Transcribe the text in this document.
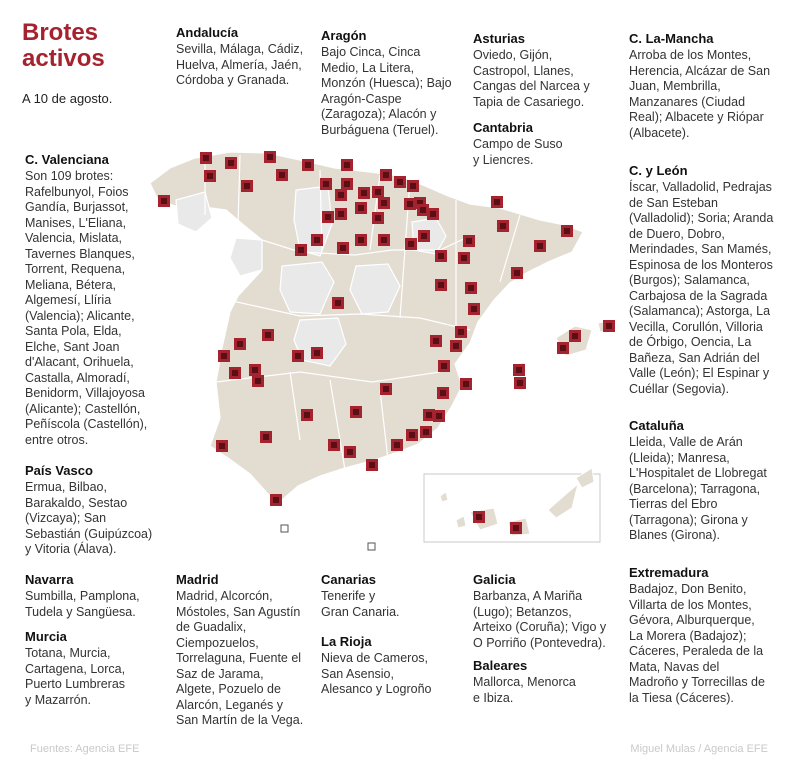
Brotes
activos
A 10 de agosto.
Andalucía

Sevilla, Málaga, Cádiz,
Huelva, Almería, Jaén,
Córdoba y Granada.

Aragón

Bajo Cinca, Cinca
Medio, La Litera,
Monzón (Huesca); Bajo
Aragón-Caspe
(Zaragoza); Alacón y
Burbáguena (Teruel).

Asturias

Oviedo, Gijón,
Castropol, Llanes,
Cangas del Narcea y
Tapia de Casariego.

Cantabria

Campo de Suso
y Liencres.

C. La-Mancha

Arroba de los Montes,
Herencia, Alcázar de San
Juan, Membrilla,
Manzanares (Ciudad
Real); Albacete y Riópar
(Albacete).

C. Valenciana

Son 109 brotes:
Rafelbunyol, Foios
Gandía, Burjassot,
Manises, L'Eliana,
Valencia, Mislata,
Tavernes Blanques,
Torrent, Requena,
Meliana, Bétera,
Algemesí, Llíria
(Valencia); Alicante,
Santa Pola, Elda,
Elche, Sant Joan
d'Alacant, Orihuela,
Castalla, Almoradí,
Benidorm, Villajoyosa
(Alicante); Castellón,
Peñíscola (Castellón),
entre otros.

C. y León

Íscar, Valladolid, Pedrajas
de San Esteban
(Valladolid); Soria; Aranda
de Duero, Dobro,
Merindades, San Mamés,
Espinosa de los Monteros
(Burgos); Salamanca,
Carbajosa de la Sagrada
(Salamanca); Astorga, La
Vecilla, Corullón, Villoria
de Órbigo, Oencia, La
Bañeza, San Adrián del
Valle (León); El Espinar y
Cuéllar (Segovia).

País Vasco

Ermua, Bilbao,
Barakaldo, Sestao
(Vizcaya); San
Sebastián (Guipúzcoa)
y Vitoria (Álava).

Cataluña

Lleida, Valle de Arán
(Lleida); Manresa,
L'Hospitalet de Llobregat
(Barcelona); Tarragona,
Tierras del Ebro
(Tarragona); Girona y
Blanes (Girona).

Navarra

Sumbilla, Pamplona,
Tudela y Sangüesa.

Murcia

Totana, Murcia,
Cartagena, Lorca,
Puerto Lumbreras
y Mazarrón.

Madrid

Madrid, Alcorcón,
Móstoles, San Agustín
de Guadalix,
Ciempozuelos,
Torrelaguna, Fuente el
Saz de Jarama,
Algete, Pozuelo de
Alarcón, Leganés y
San Martín de la Vega.

Canarias

Tenerife y
Gran Canaria.

La Rioja

Nieva de Cameros,
San Asensio,
Alesanco y Logroño

Galicia

Barbanza, A Mariña
(Lugo); Betanzos,
Arteixo (Coruña); Vigo y
O Porriño (Pontevedra).

Baleares

Mallorca, Menorca
e Ibiza.

Extremadura

Badajoz, Don Benito,
Villarta de los Montes,
Gévora, Alburquerque,
La Morera (Badajoz);
Cáceres, Peraleda de la
Mata, Navas del
Madroño y Torrecillas de
la Tiesa (Cáceres).

Fuentes: Agencia EFE	Miguel Mulas / Agencia EFE
